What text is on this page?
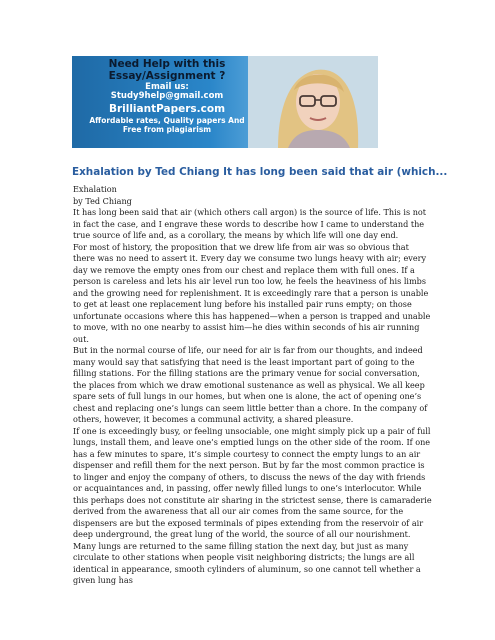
Need Help with this Essay/Assignment ?
Email us:
Study9help@gmail.com
BrilliantPapers.com
Affordable rates, Quality papers And Free from plagiarism
Exhalation by Ted Chiang It has long been said that air (which...

Exhalation

by Ted Chiang

It has long been said that air (which others call argon) is the source of life. This is not in fact the case, and I engrave these words to describe how I came to understand the true source of life and, as a corollary, the means by which life will one day end.

For most of history, the proposition that we drew life from air was so obvious that there was no need to assert it. Every day we consume two lungs heavy with air; every day we remove the empty ones from our chest and replace them with full ones. If a person is careless and lets his air level run too low, he feels the heaviness of his limbs and the growing need for replenishment. It is exceedingly rare that a person is unable to get at least one replacement lung before his installed pair runs empty; on those unfortunate occasions where this has happened—when a person is trapped and unable to move, with no one nearby to assist him—he dies within seconds of his air running out.

But in the normal course of life, our need for air is far from our thoughts, and indeed many would say that satisfying that need is the least important part of going to the filling stations. For the filling stations are the primary venue for social conversation, the places from which we draw emotional sustenance as well as physical. We all keep spare sets of full lungs in our homes, but when one is alone, the act of opening one’s chest and replacing one’s lungs can seem little better than a chore. In the company of others, however, it becomes a communal activity, a shared pleasure.

If one is exceedingly busy, or feeling unsociable, one might simply pick up a pair of full lungs, install them, and leave one’s emptied lungs on the other side of the room. If one has a few minutes to spare, it’s simple courtesy to connect the empty lungs to an air dispenser and refill them for the next person. But by far the most common practice is to linger and enjoy the company of others, to discuss the news of the day with friends or acquaintances and, in passing, offer newly filled lungs to one’s interlocutor. While this perhaps does not constitute air sharing in the strictest sense, there is camaraderie derived from the awareness that all our air comes from the same source, for the dispensers are but the exposed terminals of pipes extending from the reservoir of air deep underground, the great lung of the world, the source of all our nourishment.

Many lungs are returned to the same filling station the next day, but just as many circulate to other stations when people visit neighboring districts; the lungs are all identical in appearance, smooth cylinders of aluminum, so one cannot tell whether a given lung has
